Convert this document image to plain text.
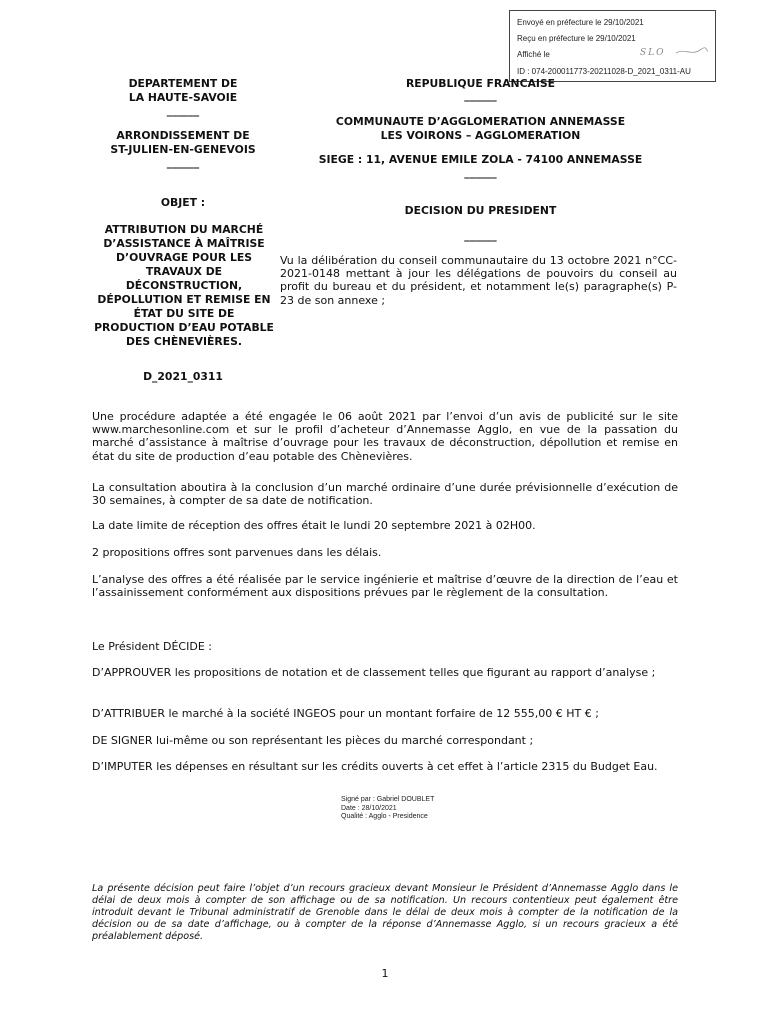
Envoyé en préfecture le 29/10/2021
Reçu en préfecture le 29/10/2021
Affiché le	SLO
ID : 074-200011773-20211028-D_2021_0311-AU
DEPARTEMENT DE
LA HAUTE-SAVOIE
______
ARRONDISSEMENT DE
ST-JULIEN-EN-GENEVOIS
______
OBJET :
ATTRIBUTION DU MARCHÉ D’ASSISTANCE À MAÎTRISE D’OUVRAGE POUR LES TRAVAUX DE DÉCONSTRUCTION, DÉPOLLUTION ET REMISE EN ÉTAT DU SITE DE PRODUCTION D’EAU POTABLE DES CHÈNEVIÈRES.
D_2021_0311
REPUBLIQUE FRANCAISE
______
COMMUNAUTE D’AGGLOMERATION ANNEMASSE
LES VOIRONS – AGGLOMERATION
SIEGE : 11, AVENUE EMILE ZOLA - 74100 ANNEMASSE
______
DECISION DU PRESIDENT
______
Vu la délibération du conseil communautaire du 13 octobre 2021 n°CC-2021-0148 mettant à jour les délégations de pouvoirs du conseil au profit du bureau et du président, et notamment le(s) paragraphe(s) P-23 de son annexe ;
Une procédure adaptée a été engagée le 06 août 2021 par l’envoi d’un avis de publicité sur le site www.marchesonline.com et sur le profil d’acheteur d’Annemasse Agglo, en vue de la passation du marché d’assistance à maîtrise d’ouvrage pour les travaux de déconstruction, dépollution et remise en état du site de production d’eau potable des Chènevières.
La consultation aboutira à la conclusion d’un marché ordinaire d’une durée prévisionnelle d’exécution de 30 semaines, à compter de sa date de notification.
La date limite de réception des offres était le lundi 20 septembre 2021 à 02H00.
2 propositions offres sont parvenues dans les délais.
L’analyse des offres a été réalisée par le service ingénierie et maîtrise d’œuvre de la direction de l’eau et l’assainissement conformément aux dispositions prévues par le règlement de la consultation.
Le Président DÉCIDE :
D’APPROUVER les propositions de notation et de classement telles que figurant au rapport d’analyse ;
D’ATTRIBUER le marché à la société INGEOS pour un montant forfaire de 12 555,00 € HT € ;
DE SIGNER lui-même ou son représentant les pièces du marché correspondant ;
D’IMPUTER les dépenses en résultant sur les crédits ouverts à cet effet à l’article 2315 du Budget Eau.
Signé par : Gabriel DOUBLET
Date : 28/10/2021
Qualité : Agglo - Presidence
La présente décision peut faire l’objet d’un recours gracieux devant Monsieur le Président d’Annemasse Agglo dans le délai de deux mois à compter de son affichage ou de sa notification. Un recours contentieux peut également être introduit devant le Tribunal administratif de Grenoble dans le délai de deux mois à compter de la notification de la décision ou de sa date d’affichage, ou à compter de la réponse d’Annemasse Agglo, si un recours gracieux a été préalablement déposé.
1
